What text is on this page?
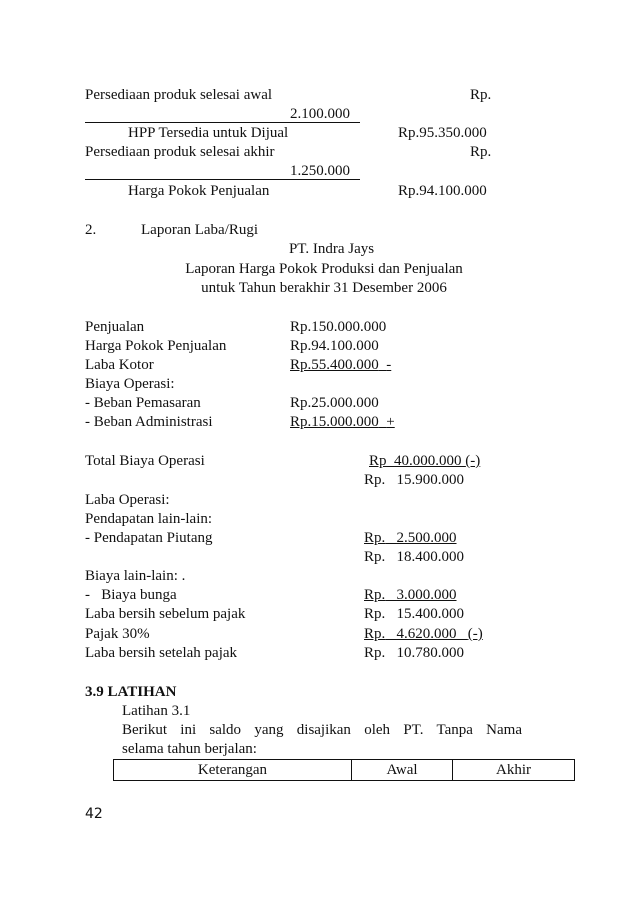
Persediaan produk selesai awal	Rp.
2.100.000
HPP Tersedia untuk Dijual	Rp.95.350.000
Persediaan produk selesai akhir	Rp.
1.250.000
Harga Pokok Penjualan	Rp.94.100.000
2.	Laporan Laba/Rugi
PT. Indra Jays
Laporan Harga Pokok Produksi dan Penjualan
untuk Tahun berakhir 31 Desember 2006
Penjualan	Rp.150.000.000
Harga Pokok Penjualan	Rp.94.100.000
Laba Kotor	Rp.55.400.000 -
Biaya Operasi:
- Beban Pemasaran	Rp.25.000.000
- Beban Administrasi	Rp.15.000.000 +
Total Biaya Operasi	Rp 40.000.000 (-)
Rp. 15.900.000
Laba Operasi:
Pendapatan lain-lain:
- Pendapatan Piutang	Rp. 2.500.000
Rp. 18.400.000
Biaya lain-lain: .
-   Biaya bunga	Rp. 3.000.000
Laba bersih sebelum pajak	Rp. 15.400.000
Pajak 30%	Rp. 4.620.000 (-)
Laba bersih setelah pajak	Rp. 10.780.000
3.9 LATIHAN
Latihan 3.1
Berikut ini saldo yang disajikan oleh PT. Tanpa Nama
selama tahun berjalan:
Keterangan	Awal	Akhir
42
